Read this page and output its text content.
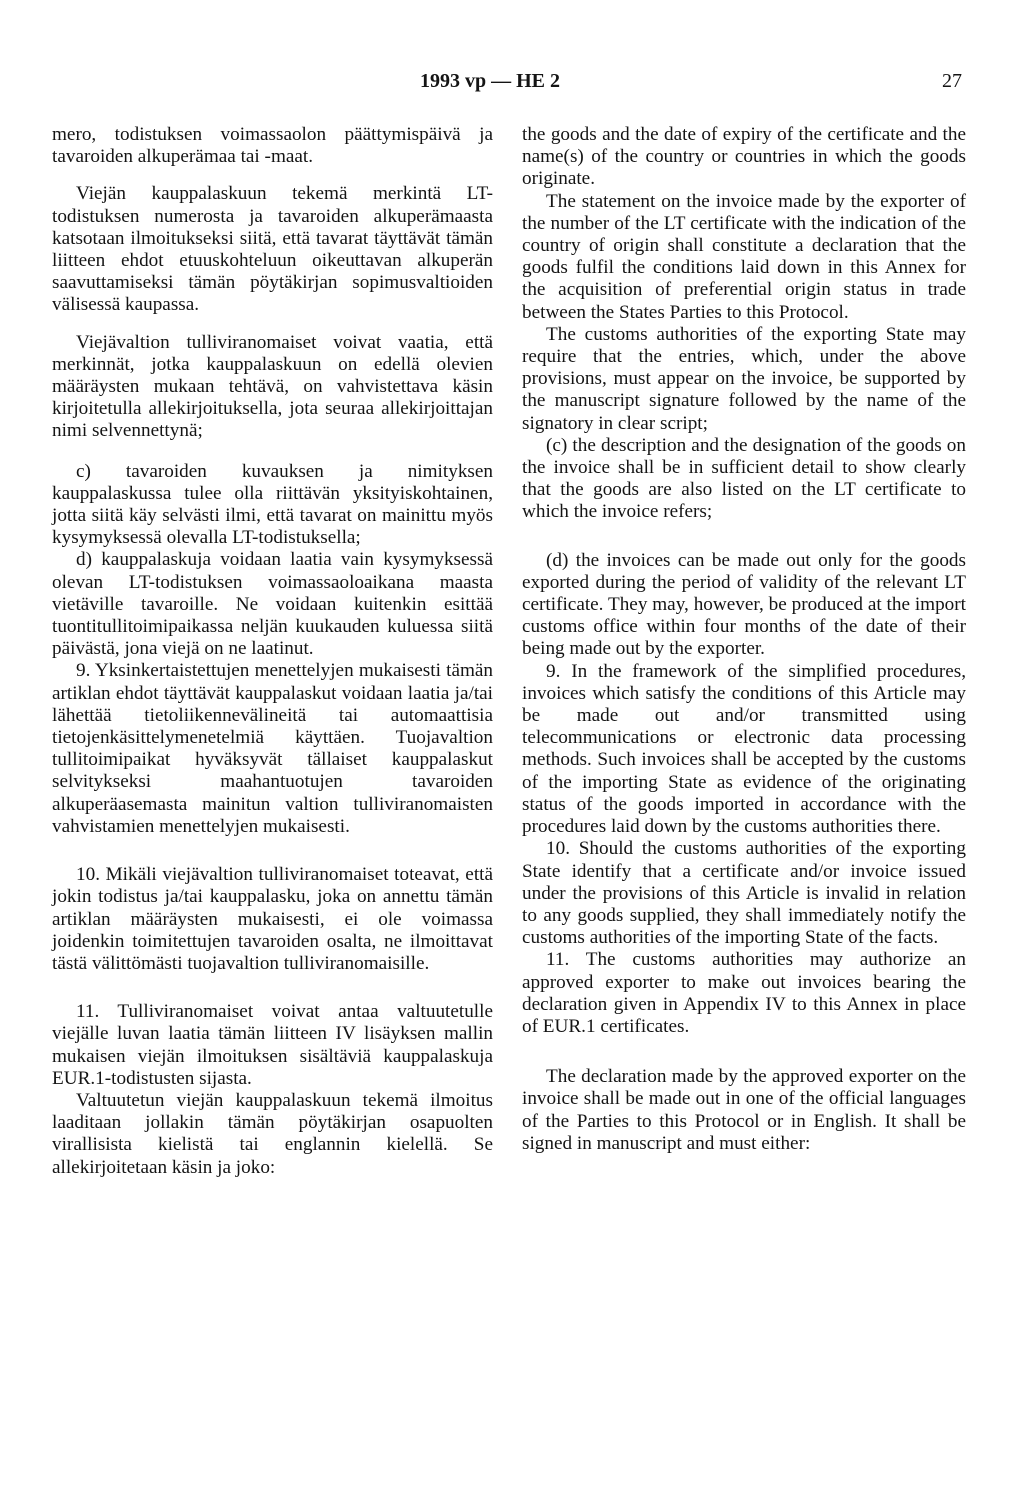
1993 vp — HE 2	27

mero, todistuksen voimassaolon päättymispäivä ja tavaroiden alkuperämaa tai -maat.

Viejän kauppalaskuun tekemä merkintä LT-todistuksen numerosta ja tavaroiden alkuperämaasta katsotaan ilmoitukseksi siitä, että tavarat täyttävät tämän liitteen ehdot etuuskohteluun oikeuttavan alkuperän saavuttamiseksi tämän pöytäkirjan sopimusvaltioiden välisessä kaupassa.

Viejävaltion tulliviranomaiset voivat vaatia, että merkinnät, jotka kauppalaskuun on edellä olevien määräysten mukaan tehtävä, on vahvistettava käsin kirjoitetulla allekirjoituksella, jota seuraa allekirjoittajan nimi selvennettynä;

c) tavaroiden kuvauksen ja nimityksen kauppalaskussa tulee olla riittävän yksityiskohtainen, jotta siitä käy selvästi ilmi, että tavarat on mainittu myös kysymyksessä olevalla LT-todistuksella;

d) kauppalaskuja voidaan laatia vain kysymyksessä olevan LT-todistuksen voimassaoloaikana maasta vietäville tavaroille. Ne voidaan kuitenkin esittää tuontitullitoimipaikassa neljän kuukauden kuluessa siitä päivästä, jona viejä on ne laatinut.

9. Yksinkertaistettujen menettelyjen mukaisesti tämän artiklan ehdot täyttävät kauppalaskut voidaan laatia ja/tai lähettää tietoliikennevälineitä tai automaattisia tietojenkäsittelymenetelmiä käyttäen. Tuojavaltion tullitoimipaikat hyväksyvät tällaiset kauppalaskut selvitykseksi maahantuotujen tavaroiden alkuperäasemasta mainitun valtion tulliviranomaisten vahvistamien menettelyjen mukaisesti.

10. Mikäli viejävaltion tulliviranomaiset toteavat, että jokin todistus ja/tai kauppalasku, joka on annettu tämän artiklan määräysten mukaisesti, ei ole voimassa joidenkin toimitettujen tavaroiden osalta, ne ilmoittavat tästä välittömästi tuojavaltion tulliviranomaisille.

11. Tulliviranomaiset voivat antaa valtuutetulle viejälle luvan laatia tämän liitteen IV lisäyksen mallin mukaisen viejän ilmoituksen sisältäviä kauppalaskuja EUR.1-todistusten sijasta.

Valtuutetun viejän kauppalaskuun tekemä ilmoitus laaditaan jollakin tämän pöytäkirjan osapuolten virallisista kielistä tai englannin kielellä. Se allekirjoitetaan käsin ja joko:

the goods and the date of expiry of the certificate and the name(s) of the country or countries in which the goods originate.

The statement on the invoice made by the exporter of the number of the LT certificate with the indication of the country of origin shall constitute a declaration that the goods fulfil the conditions laid down in this Annex for the acquisition of preferential origin status in trade between the States Parties to this Protocol.

The customs authorities of the exporting State may require that the entries, which, under the above provisions, must appear on the invoice, be supported by the manuscript signature followed by the name of the signatory in clear script;

(c) the description and the designation of the goods on the invoice shall be in sufficient detail to show clearly that the goods are also listed on the LT certificate to which the invoice refers;

(d) the invoices can be made out only for the goods exported during the period of validity of the relevant LT certificate. They may, however, be produced at the import customs office within four months of the date of their being made out by the exporter.

9. In the framework of the simplified procedures, invoices which satisfy the conditions of this Article may be made out and/or transmitted using telecommunications or electronic data processing methods. Such invoices shall be accepted by the customs of the importing State as evidence of the originating status of the goods imported in accordance with the procedures laid down by the customs authorities there.

10. Should the customs authorities of the exporting State identify that a certificate and/or invoice issued under the provisions of this Article is invalid in relation to any goods supplied, they shall immediately notify the customs authorities of the importing State of the facts.

11. The customs authorities may authorize an approved exporter to make out invoices bearing the declaration given in Appendix IV to this Annex in place of EUR.1 certificates.

The declaration made by the approved exporter on the invoice shall be made out in one of the official languages of the Parties to this Protocol or in English. It shall be signed in manuscript and must either:
